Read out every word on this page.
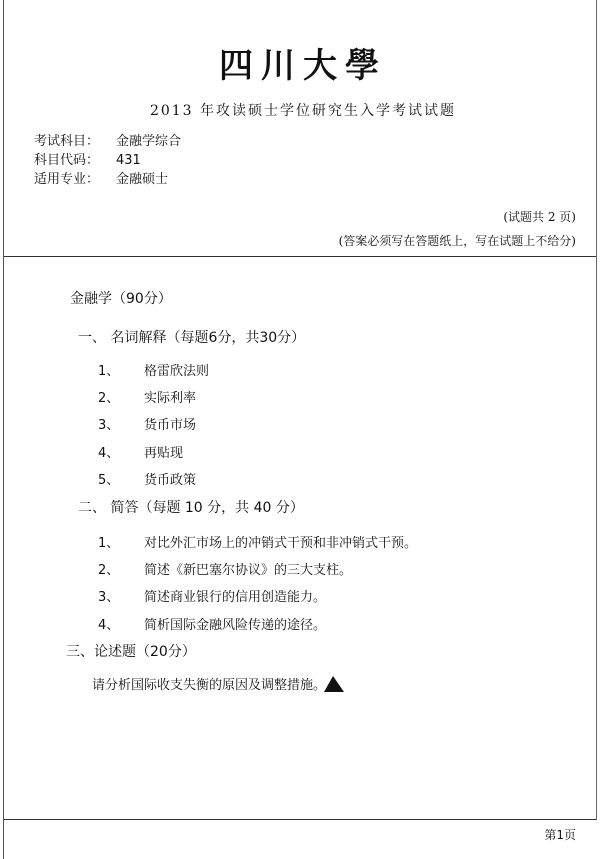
四川大學
2013 年攻读硕士学位研究生入学考试试题
考试科目： 金融学综合
科目代码： 431
适用专业： 金融硕士
(试题共 2 页)
(答案必须写在答题纸上，写在试题上不给分)
金融学（90分）
一、 名词解释（每题6分，共30分）
1、 格雷欣法则
2、 实际利率
3、 货币市场
4、 再贴现
5、 货币政策
二、 简答（每题 10 分，共 40 分）
1、 对比外汇市场上的冲销式干预和非冲销式干预。
2、 简述《新巴塞尔协议》的三大支柱。
3、 简述商业银行的信用创造能力。
4、 简析国际金融风险传递的途径。
三、论述题（20分）
请分析国际收支失衡的原因及调整措施。
第1页
